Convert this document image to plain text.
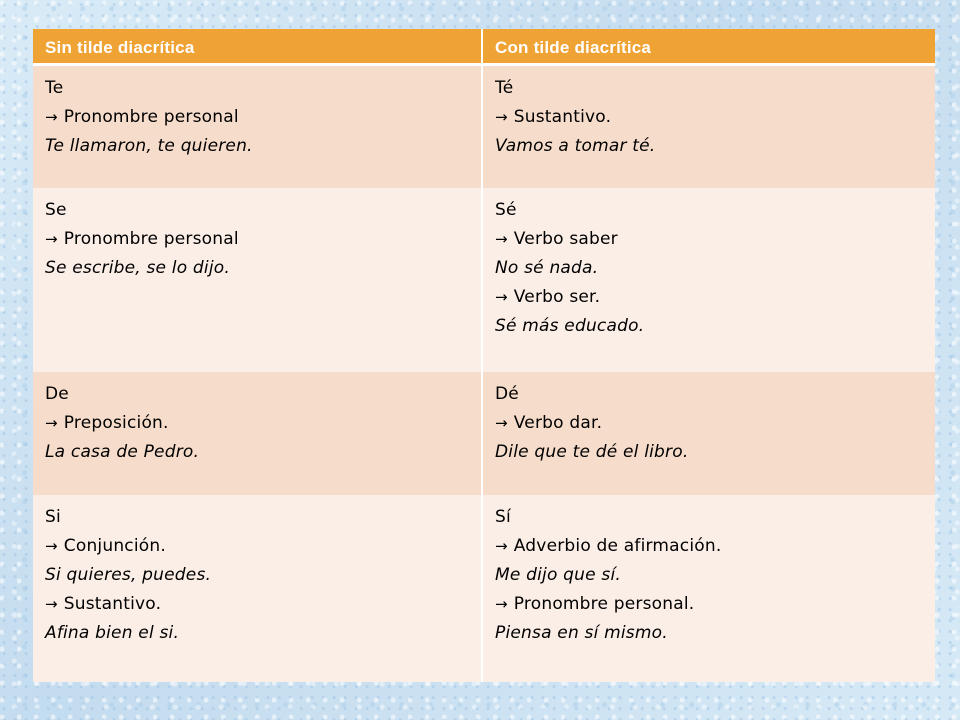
Sin tilde diacrítica	Con tilde diacrítica
Te
→ Pronombre personal
Te llamaron, te quieren.
Té
→ Sustantivo.
Vamos a tomar té.
Se
→ Pronombre personal
Se escribe, se lo dijo.
Sé
→ Verbo saber
No sé nada.
→ Verbo ser.
Sé más educado.
De
→ Preposición.
La casa de Pedro.
Dé
→ Verbo dar.
Dile que te dé el libro.
Si
→ Conjunción.
Si quieres, puedes.
→ Sustantivo.
Afina bien el si.
Sí
→ Adverbio de afirmación.
Me dijo que sí.
→ Pronombre personal.
Piensa en sí mismo.
